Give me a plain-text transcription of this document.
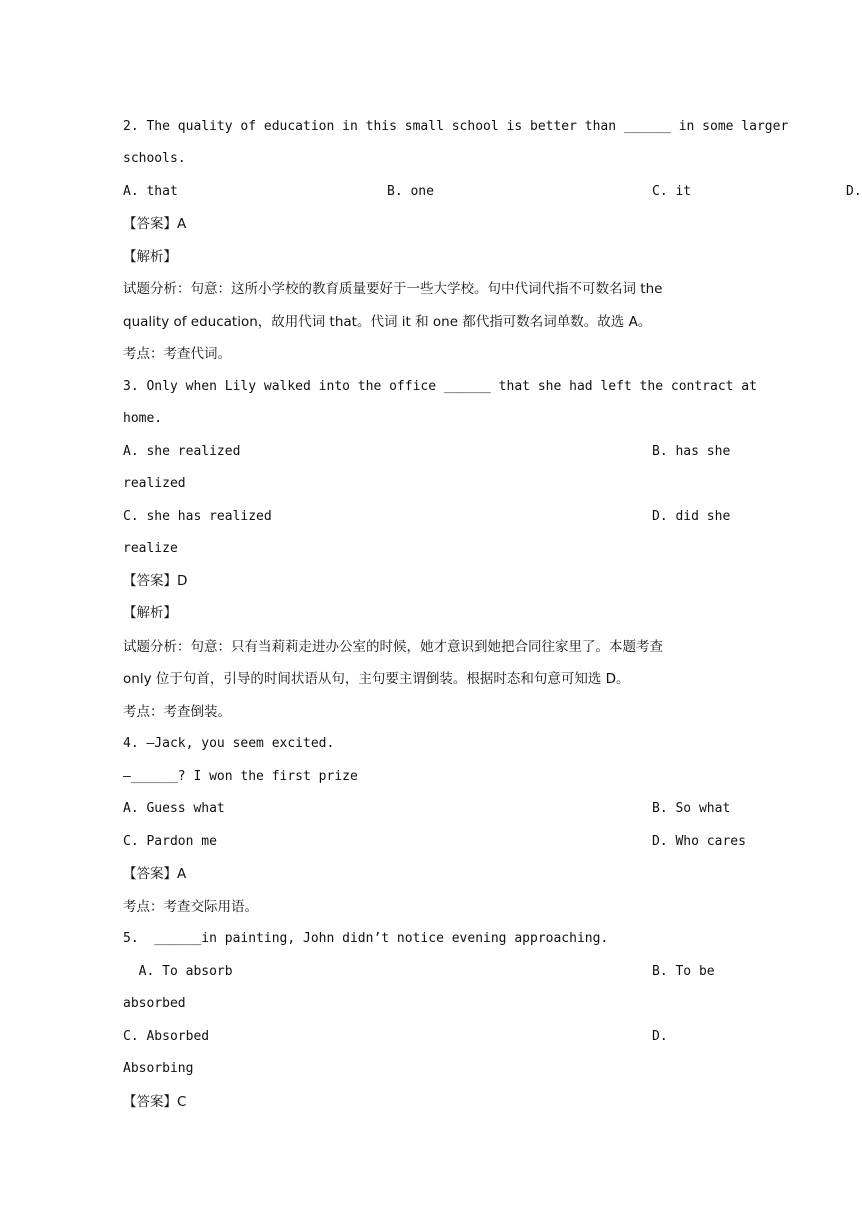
2. The quality of education in this small school is better than ______ in some larger
schools.
A. that	B. one	C. it	D.
【答案】A
【解析】
试题分析：句意：这所小学校的教育质量要好于一些大学校。句中代词代指不可数名词 the
quality of education，故用代词 that。代词 it 和 one 都代指可数名词单数。故选 A。
考点：考查代词。
3. Only when Lily walked into the office ______ that she had left the contract at
home.
A. she realized	B. has she
realized
C. she has realized	D. did she
realize
【答案】D
【解析】
试题分析：句意：只有当莉莉走进办公室的时候，她才意识到她把合同往家里了。本题考查
only 位于句首，引导的时间状语从句，主句要主谓倒装。根据时态和句意可知选 D。
考点：考查倒装。
4. —Jack, you seem excited.
—______? I won the first prize
A. Guess what	B. So what
C. Pardon me	D. Who cares
【答案】A
考点：考查交际用语。
5.  ______in painting, John didn’t notice evening approaching.
A. To absorb	B. To be
absorbed
C. Absorbed	D.
Absorbing
【答案】C
